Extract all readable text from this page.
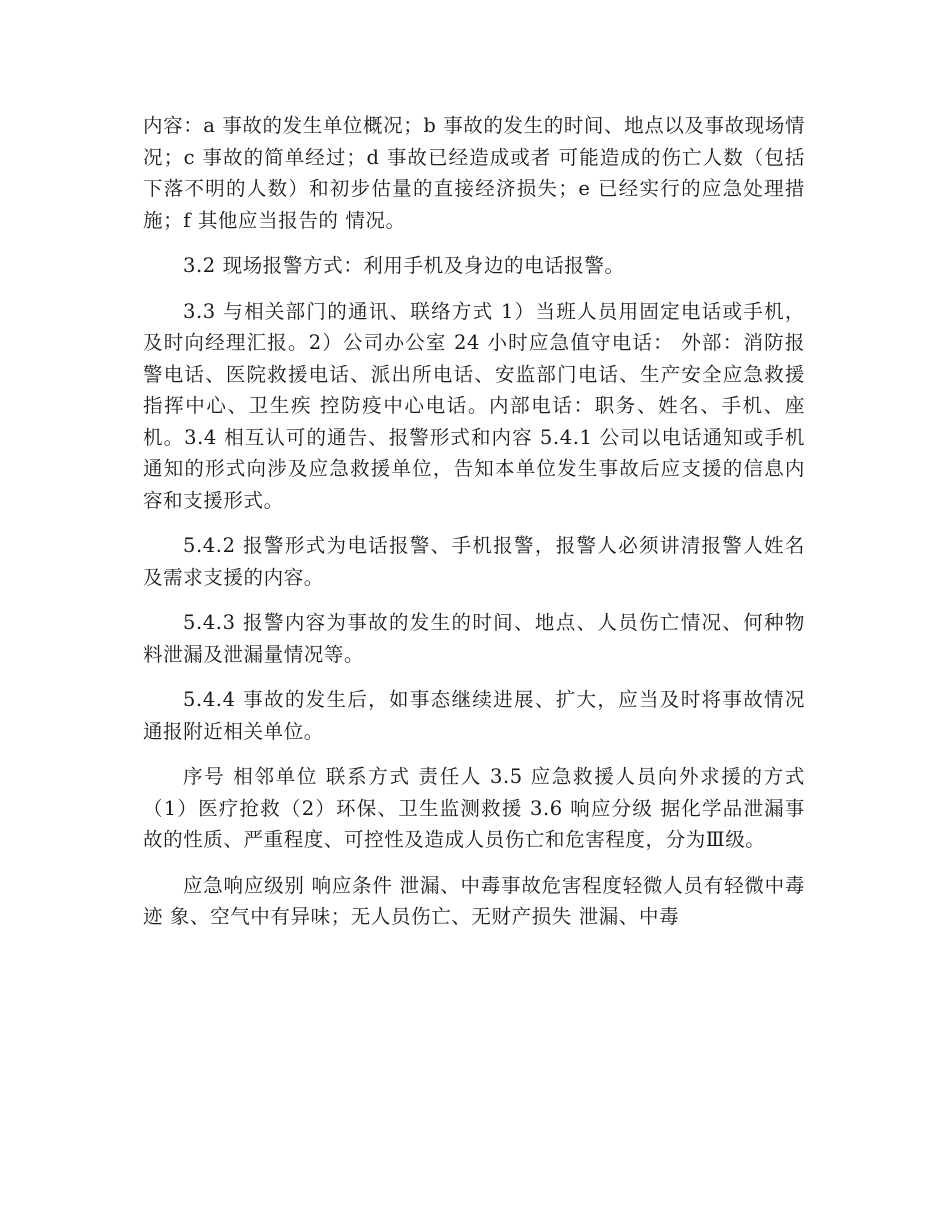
内容：a 事故的发生单位概况；b 事故的发生的时间、地点以及事故现场情况；c 事故的简单经过；d 事故已经造成或者 可能造成的伤亡人数（包括下落不明的人数）和初步估量的直接经济损失；e 已经实行的应急处理措施；f 其他应当报告的 情况。

3.2 现场报警方式：利用手机及身边的电话报警。

3.3 与相关部门的通讯、联络方式 1）当班人员用固定电话或手机，及时向经理汇报。2）公司办公室 24 小时应急值守电话： 外部：消防报警电话、医院救援电话、派出所电话、安监部门电话、生产安全应急救援指挥中心、卫生疾 控防疫中心电话。内部电话：职务、姓名、手机、座机。3.4 相互认可的通告、报警形式和内容 5.4.1 公司以电话通知或手机通知的形式向涉及应急救援单位，告知本单位发生事故后应支援的信息内容和支援形式。

5.4.2 报警形式为电话报警、手机报警，报警人必须讲清报警人姓名及需求支援的内容。

5.4.3 报警内容为事故的发生的时间、地点、人员伤亡情况、何种物料泄漏及泄漏量情况等。

5.4.4 事故的发生后，如事态继续进展、扩大，应当及时将事故情况通报附近相关单位。

序号 相邻单位 联系方式 责任人 3.5 应急救援人员向外求援的方式 （1）医疗抢救（2）环保、卫生监测救援 3.6 响应分级 据化学品泄漏事故的性质、严重程度、可控性及造成人员伤亡和危害程度，分为Ⅲ级。

应急响应级别 响应条件 泄漏、中毒事故危害程度轻微人员有轻微中毒迹 象、空气中有异味；无人员伤亡、无财产损失 泄漏、中毒
